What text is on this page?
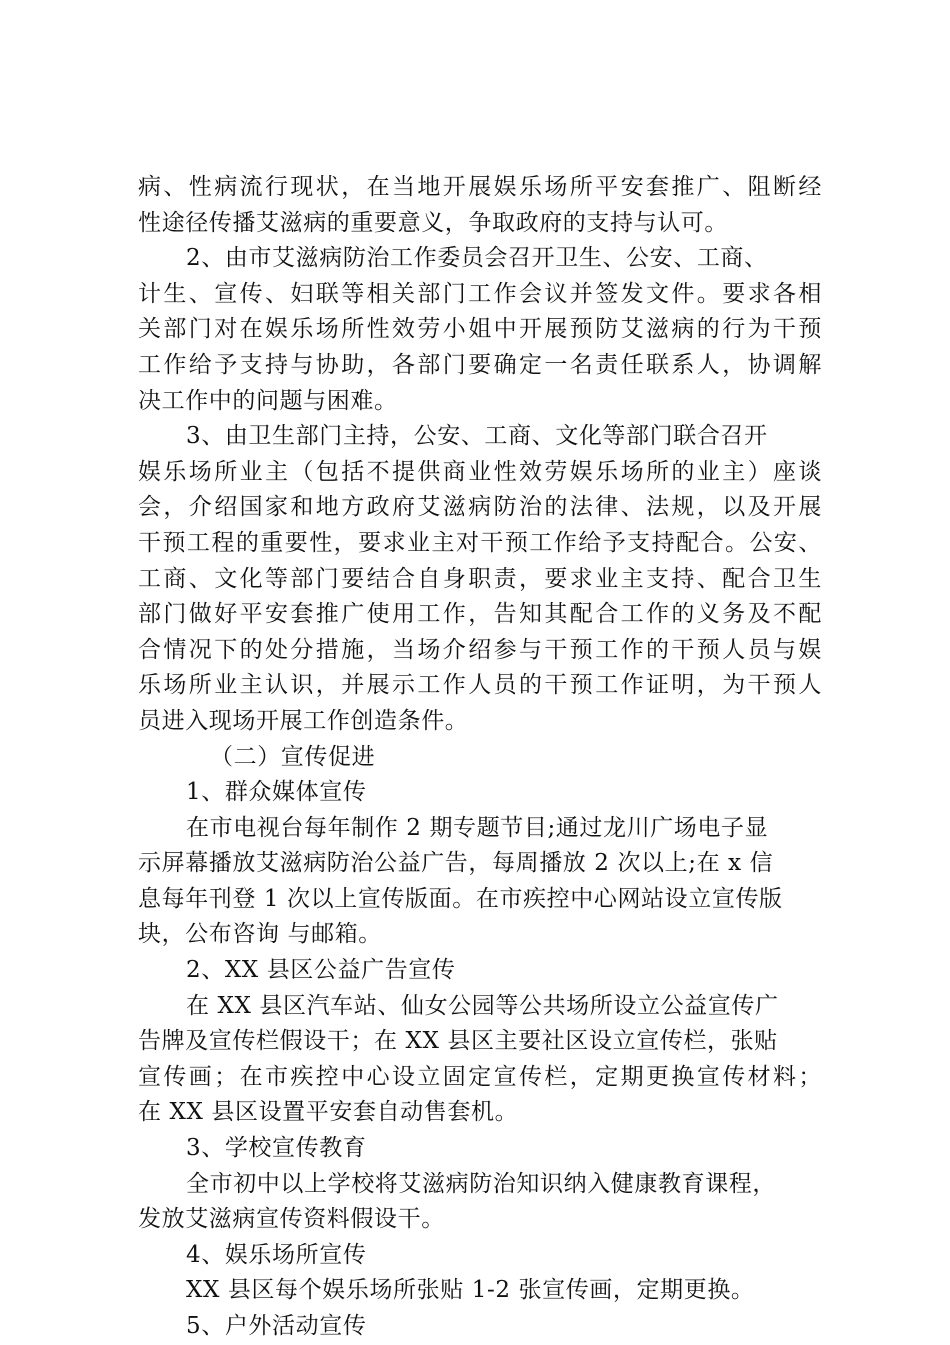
病、性病流行现状，在当地开展娱乐场所平安套推广、阻断经
性途径传播艾滋病的重要意义，争取政府的支持与认可。
2、由市艾滋病防治工作委员会召开卫生、公安、工商、
计生、宣传、妇联等相关部门工作会议并签发文件。要求各相
关部门对在娱乐场所性效劳小姐中开展预防艾滋病的行为干预
工作给予支持与协助，各部门要确定一名责任联系人，协调解
决工作中的问题与困难。
3、由卫生部门主持，公安、工商、文化等部门联合召开
娱乐场所业主（包括不提供商业性效劳娱乐场所的业主）座谈
会，介绍国家和地方政府艾滋病防治的法律、法规，以及开展
干预工程的重要性，要求业主对干预工作给予支持配合。公安、
工商、文化等部门要结合自身职责，要求业主支持、配合卫生
部门做好平安套推广使用工作，告知其配合工作的义务及不配
合情况下的处分措施，当场介绍参与干预工作的干预人员与娱
乐场所业主认识，并展示工作人员的干预工作证明，为干预人
员进入现场开展工作创造条件。
（二）宣传促进
1、群众媒体宣传
在市电视台每年制作 2 期专题节目;通过龙川广场电子显
示屏幕播放艾滋病防治公益广告，每周播放 2 次以上;在 x 信
息每年刊登 1 次以上宣传版面。在市疾控中心网站设立宣传版
块，公布咨询 与邮箱。
2、XX 县区公益广告宣传
在 XX 县区汽车站、仙女公园等公共场所设立公益宣传广
告牌及宣传栏假设干；在 XX 县区主要社区设立宣传栏，张贴
宣传画；在市疾控中心设立固定宣传栏，定期更换宣传材料；
在 XX 县区设置平安套自动售套机。
3、学校宣传教育
全市初中以上学校将艾滋病防治知识纳入健康教育课程，
发放艾滋病宣传资料假设干。
4、娱乐场所宣传
XX 县区每个娱乐场所张贴 1-2 张宣传画，定期更换。
5、户外活动宣传
